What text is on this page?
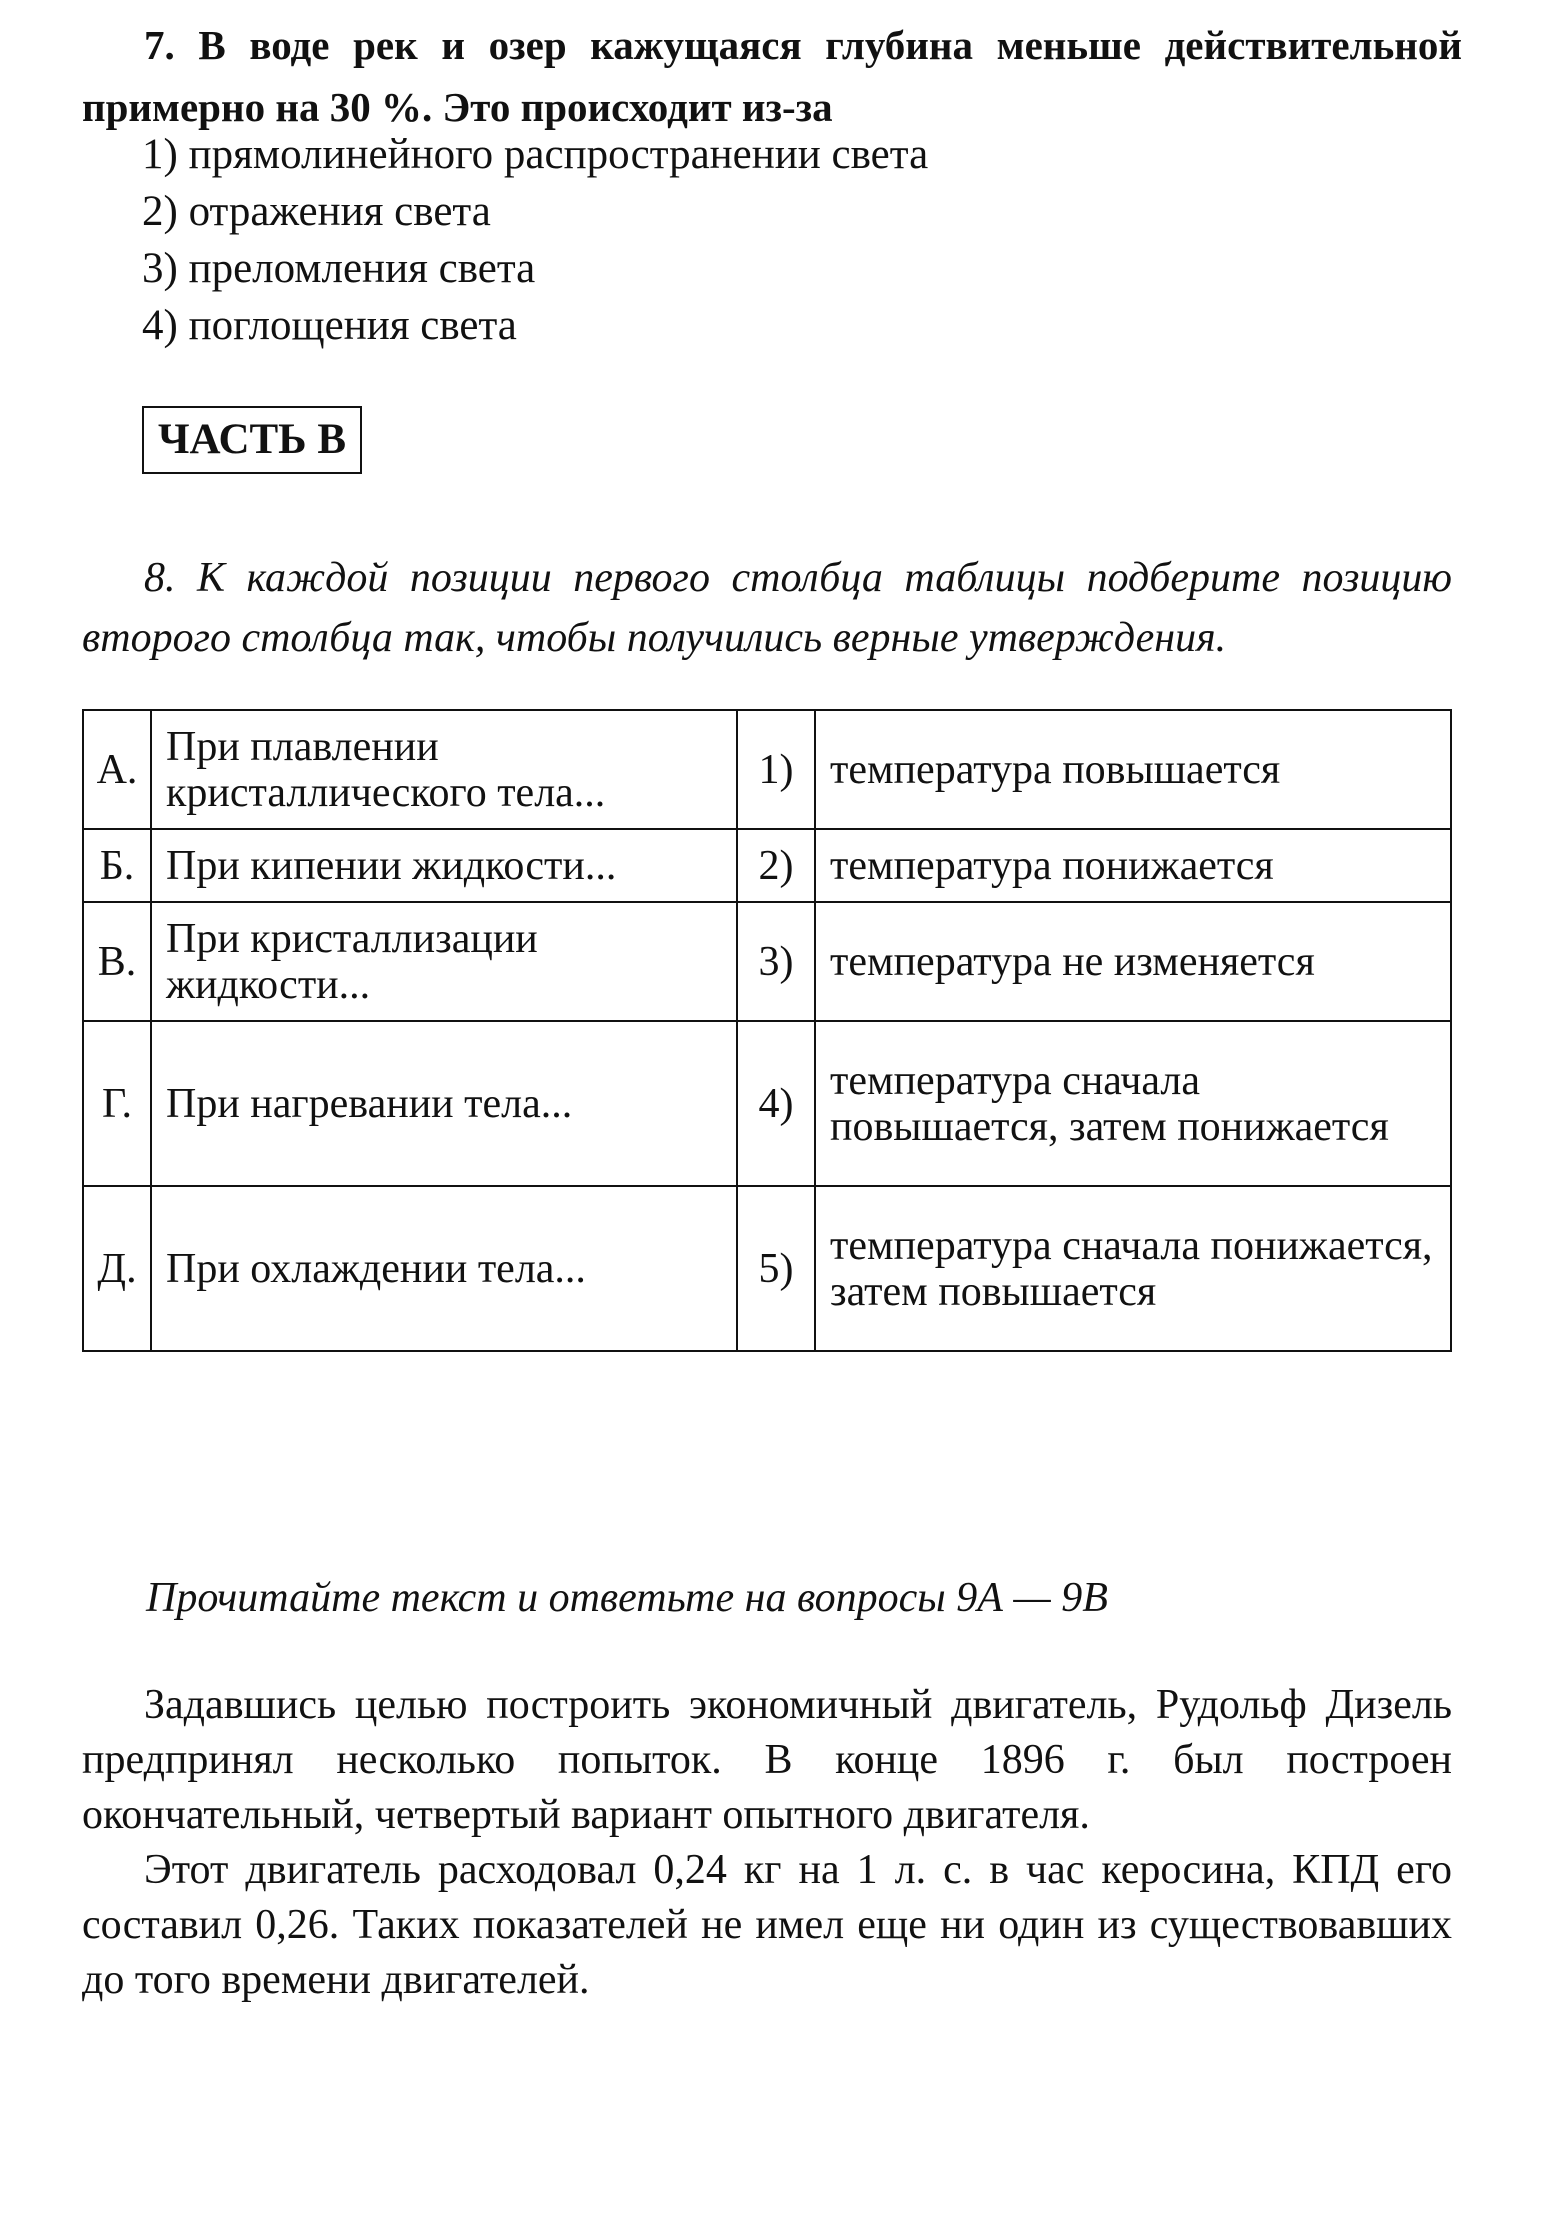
7. В воде рек и озер кажущаяся глубина меньше действительной примерно на 30 %. Это происходит из-за

1) прямолинейного распространении света
2) отражения света
3) преломления света
4) поглощения света
ЧАСТЬ В

8. К каждой позиции первого столбца таблицы подберите позицию второго столбца так, чтобы получились верные утверждения.

А.	При плавлении кристаллического тела...	1)	температура повышается
Б.	При кипении жидкости...	2)	температура понижается
В.	При кристаллизации жидкости...	3)	температура не изменяется
Г.	При нагревании тела...	4)	температура сначала повышается, затем понижается
Д.	При охлаждении тела...	5)	температура сначала понижается, затем повышается

Прочитайте текст и ответьте на вопросы 9А — 9В

Задавшись целью построить экономичный двигатель, Рудольф Дизель предпринял несколько попыток. В конце 1896 г. был построен окончательный, четвертый вариант опытного двигателя.

Этот двигатель расходовал 0,24 кг на 1 л. с. в час керосина, КПД его составил 0,26. Таких показателей не имел еще ни один из существовавших до того времени двигателей.
